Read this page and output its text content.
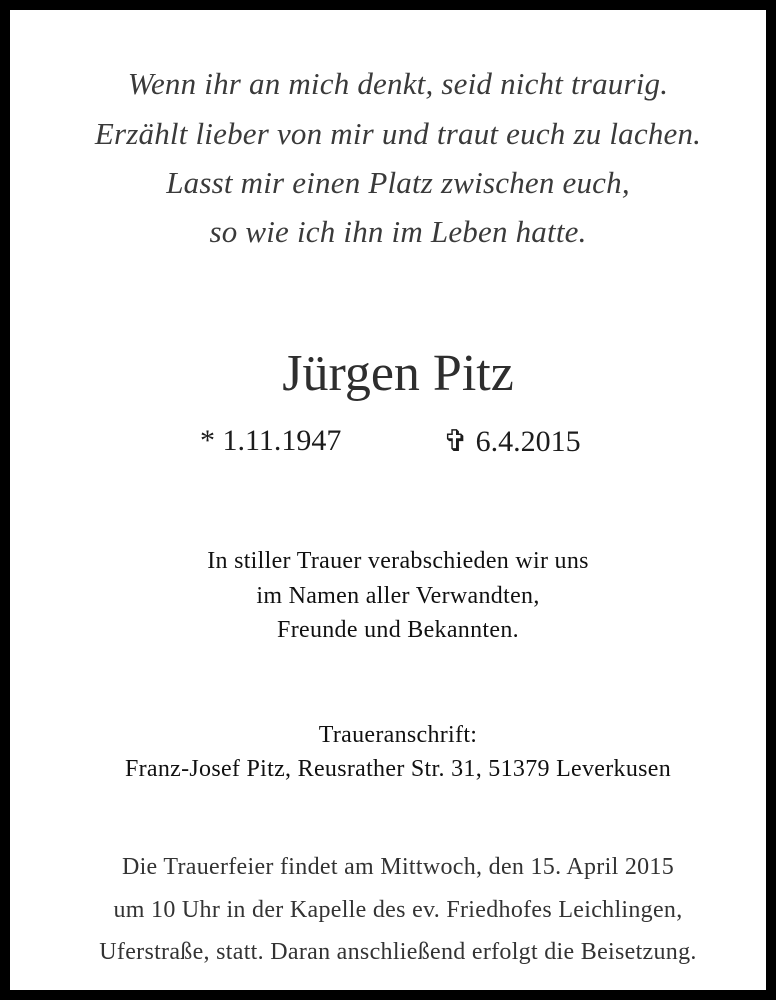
Wenn ihr an mich denkt, seid nicht traurig.
Erzählt lieber von mir und traut euch zu lachen.
Lasst mir einen Platz zwischen euch,
so wie ich ihn im Leben hatte.
Jürgen Pitz
* 1.11.1947	✞ 6.4.2015
In stiller Trauer verabschieden wir uns
im Namen aller Verwandten,
Freunde und Bekannten.
Traueranschrift:
Franz-Josef Pitz, Reusrather Str. 31, 51379 Leverkusen
Die Trauerfeier findet am Mittwoch, den 15. April 2015
um 10 Uhr in der Kapelle des ev. Friedhofes Leichlingen,
Uferstraße, statt. Daran anschließend erfolgt die Beisetzung.
